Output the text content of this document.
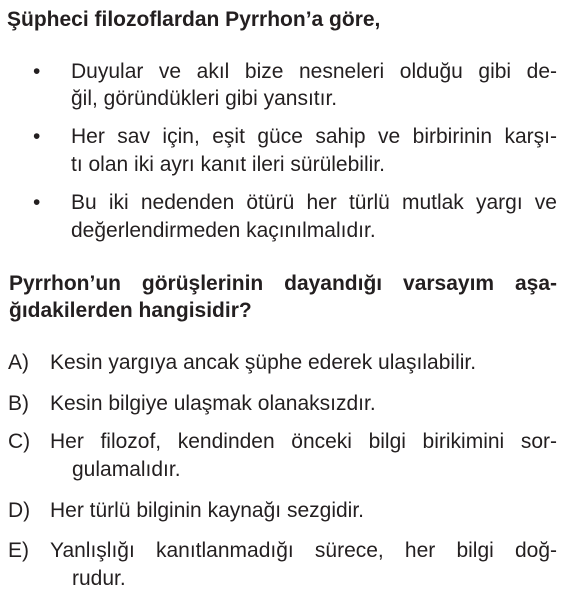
Şüpheci filozoflardan Pyrrhon’a göre,
• Duyular ve akıl bize nesneleri olduğu gibi de-
ğil, göründükleri gibi yansıtır.
• Her sav için, eşit güce sahip ve birbirinin karşı-
tı olan iki ayrı kanıt ileri sürülebilir.
• Bu iki nedenden ötürü her türlü mutlak yargı ve
değerlendirmeden kaçınılmalıdır.
Pyrrhon’un görüşlerinin dayandığı varsayım aşa-
ğıdakilerden hangisidir?
A) Kesin yargıya ancak şüphe ederek ulaşılabilir.
B) Kesin bilgiye ulaşmak olanaksızdır.
C) Her filozof, kendinden önceki bilgi birikimini sor-
gulamalıdır.
D) Her türlü bilginin kaynağı sezgidir.
E) Yanlışlığı kanıtlanmadığı sürece, her bilgi doğ-
rudur.
